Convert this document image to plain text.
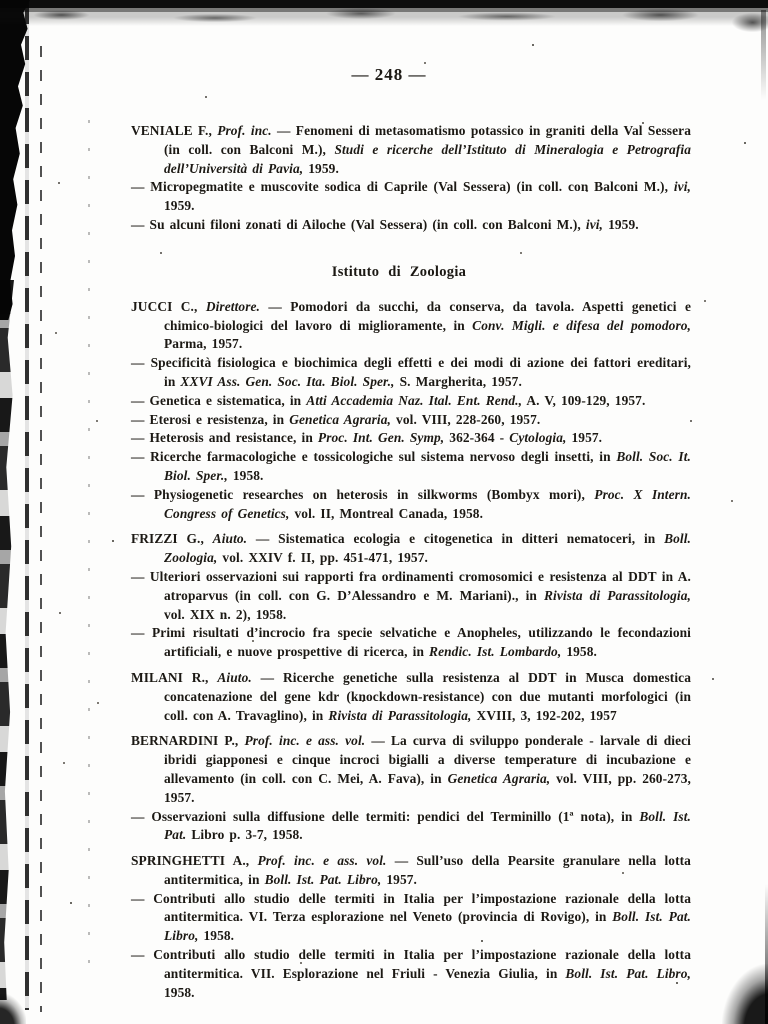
— 248 —

VENIALE F., Prof. inc. — Fenomeni di metasomatismo potassico in graniti della Val Sessera (in coll. con Balconi M.), Studi e ricerche dell’Istituto di Mineralogia e Petrografia dell’Università di Pavia, 1959.

— Micropegmatite e muscovite sodica di Caprile (Val Sessera) (in coll. con Balconi M.), ivi, 1959.

— Su alcuni filoni zonati di Ailoche (Val Sessera) (in coll. con Balconi M.), ivi, 1959.

Istituto di Zoologia

JUCCI C., Direttore. — Pomodori da succhi, da conserva, da tavola. Aspetti genetici e chimico-biologici del lavoro di miglioramente, in Conv. Migli. e difesa del pomodoro, Parma, 1957.

— Specificità fisiologica e biochimica degli effetti e dei modi di azione dei fattori ereditari, in XXVI Ass. Gen. Soc. Ita. Biol. Sper., S. Margherita, 1957.

— Genetica e sistematica, in Atti Accademia Naz. Ital. Ent. Rend., A. V, 109-129, 1957.

— Eterosi e resistenza, in Genetica Agraria, vol. VIII, 228-260, 1957.

— Heterosis and resistance, in Proc. Int. Gen. Symp, 362-364 - Cytologia, 1957.

— Ricerche farmacologiche e tossicologiche sul sistema nervoso degli insetti, in Boll. Soc. It. Biol. Sper., 1958.

— Physiogenetic researches on heterosis in silkworms (Bombyx mori), Proc. X Intern. Congress of Genetics, vol. II, Montreal Canada, 1958.

FRIZZI G., Aiuto. — Sistematica ecologia e citogenetica in ditteri nematoceri, in Boll. Zoologia, vol. XXIV f. II, pp. 451-471, 1957.

— Ulteriori osservazioni sui rapporti fra ordinamenti cromosomici e resistenza al DDT in A. atroparvus (in coll. con G. D’Alessandro e M. Mariani)., in Rivista di Parassitologia, vol. XIX n. 2), 1958.

— Primi risultati d’incrocio fra specie selvatiche e Anopheles, utilizzando le fecondazioni artificiali, e nuove prospettive di ricerca, in Rendic. Ist. Lombardo, 1958.

MILANI R., Aiuto. — Ricerche genetiche sulla resistenza al DDT in Musca domestica concatenazione del gene kdr (knockdown-resistance) con due mutanti morfologici (in coll. con A. Travaglino), in Rivista di Parassitologia, XVIII, 3, 192-202, 1957

BERNARDINI P., Prof. inc. e ass. vol. — La curva di sviluppo ponderale - larvale di dieci ibridi giapponesi e cinque incroci bigialli a diverse temperature di incubazione e allevamento (in coll. con C. Mei, A. Fava), in Genetica Agraria, vol. VIII, pp. 260-273, 1957.

— Osservazioni sulla diffusione delle termiti: pendici del Terminillo (1ª nota), in Boll. Ist. Pat. Libro p. 3-7, 1958.

SPRINGHETTI A., Prof. inc. e ass. vol. — Sull’uso della Pearsite granulare nella lotta antitermitica, in Boll. Ist. Pat. Libro, 1957.

— Contributi allo studio delle termiti in Italia per l’impostazione razionale della lotta antitermitica. VI. Terza esplorazione nel Veneto (provincia di Rovigo), in Boll. Ist. Pat. Libro, 1958.

— Contributi allo studio delle termiti in Italia per l’impostazione razionale della lotta antitermitica. VII. Esplorazione nel Friuli - Venezia Giulia, in Boll. Ist. Pat. Libro, 1958.
